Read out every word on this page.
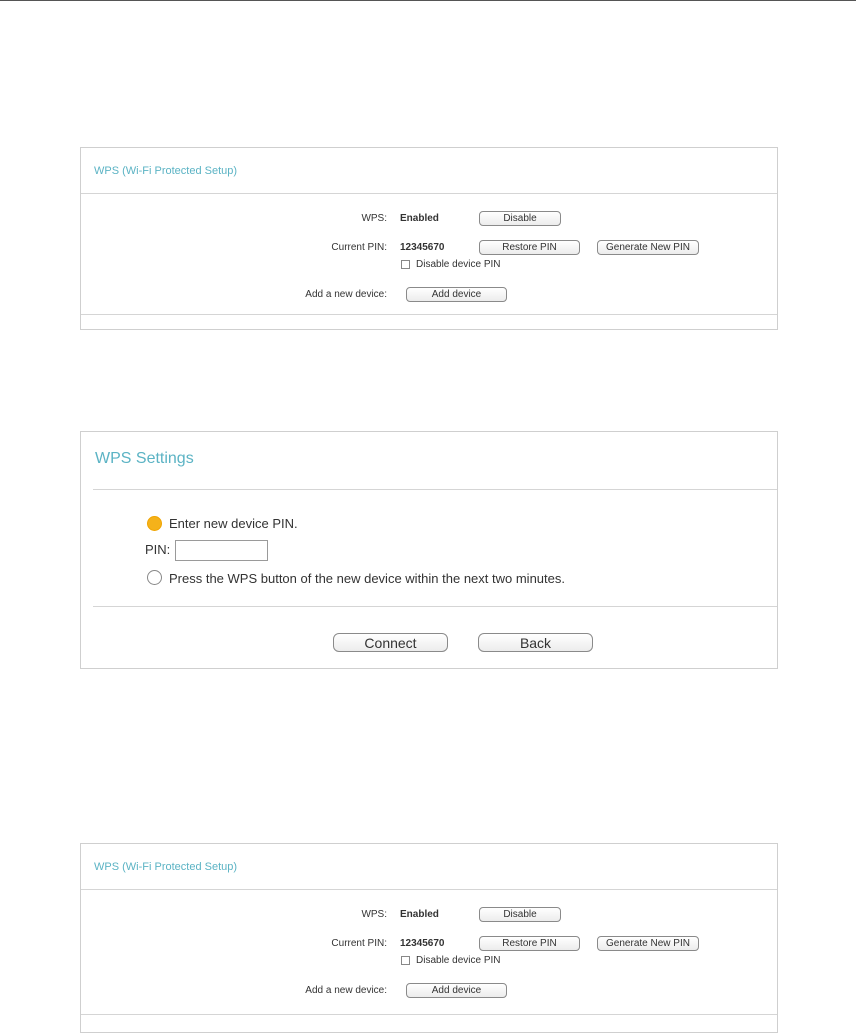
WPS (Wi-Fi Protected Setup)
WPS: Enabled	Disable
Current PIN: 12345670	Restore PIN	Generate New PIN
Disable device PIN
Add a new device:	Add device
WPS Settings
Enter new device PIN.
PIN:
Press the WPS button of the new device within the next two minutes.
Connect	Back
WPS (Wi-Fi Protected Setup)
WPS: Enabled	Disable
Current PIN: 12345670	Restore PIN	Generate New PIN
Disable device PIN
Add a new device:	Add device
